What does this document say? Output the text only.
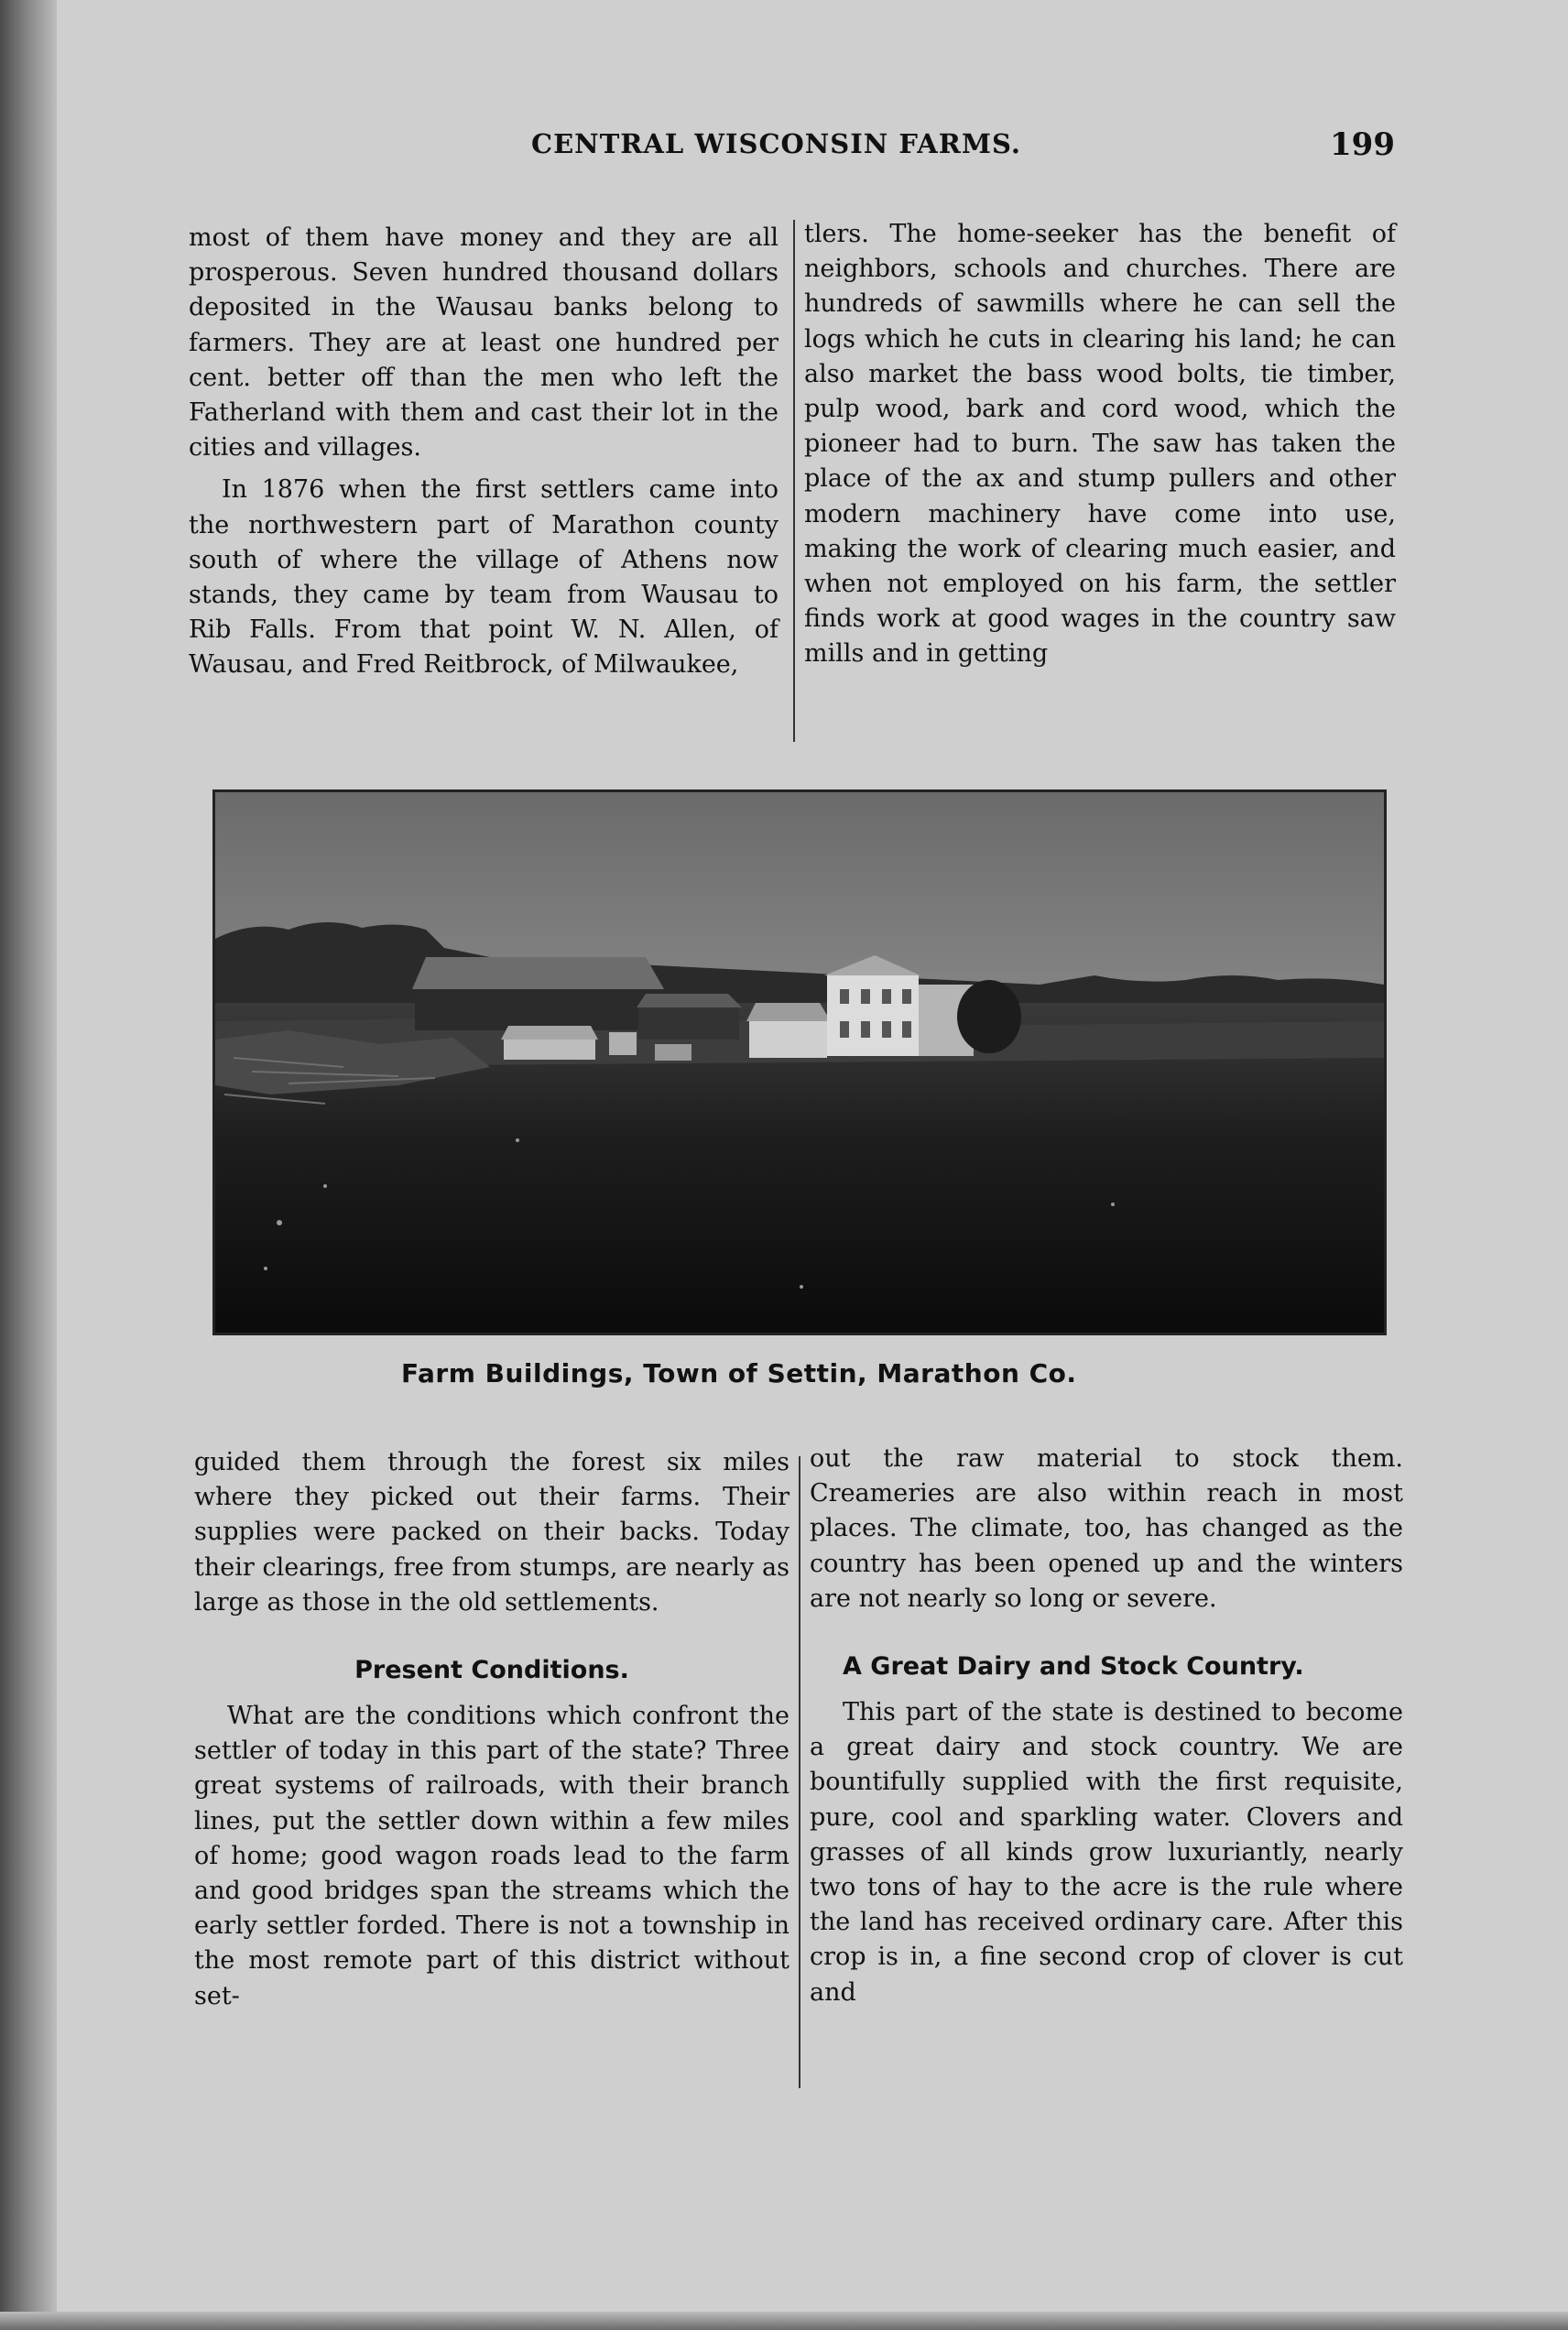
CENTRAL WISCONSIN FARMS.	199

most of them have money and they are all prosperous. Seven hundred thousand dollars deposited in the Wausau banks belong to farmers. They are at least one hundred per cent. better off than the men who left the Fatherland with them and cast their lot in the cities and villages.

In 1876 when the first settlers came into the northwestern part of Marathon county south of where the village of Athens now stands, they came by team from Wausau to Rib Falls. From that point W. N. Allen, of Wausau, and Fred Reitbrock, of Milwaukee,

tlers. The home-seeker has the benefit of neighbors, schools and churches. There are hundreds of sawmills where he can sell the logs which he cuts in clearing his land; he can also market the bass wood bolts, tie timber, pulp wood, bark and cord wood, which the pioneer had to burn. The saw has taken the place of the ax and stump pullers and other modern machinery have come into use, making the work of clearing much easier, and when not employed on his farm, the settler finds work at good wages in the country saw mills and in getting

Farm Buildings, Town of Settin, Marathon Co.

guided them through the forest six miles where they picked out their farms. Their supplies were packed on their backs. Today their clearings, free from stumps, are nearly as large as those in the old settlements.

Present Conditions.

What are the conditions which confront the settler of today in this part of the state? Three great systems of railroads, with their branch lines, put the settler down within a few miles of home; good wagon roads lead to the farm and good bridges span the streams which the early settler forded. There is not a township in the most remote part of this district without set-

out the raw material to stock them. Creameries are also within reach in most places. The climate, too, has changed as the country has been opened up and the winters are not nearly so long or severe.

A Great Dairy and Stock Country.

This part of the state is destined to become a great dairy and stock country. We are bountifully supplied with the first requisite, pure, cool and sparkling water. Clovers and grasses of all kinds grow luxuriantly, nearly two tons of hay to the acre is the rule where the land has received ordinary care. After this crop is in, a fine second crop of clover is cut and
